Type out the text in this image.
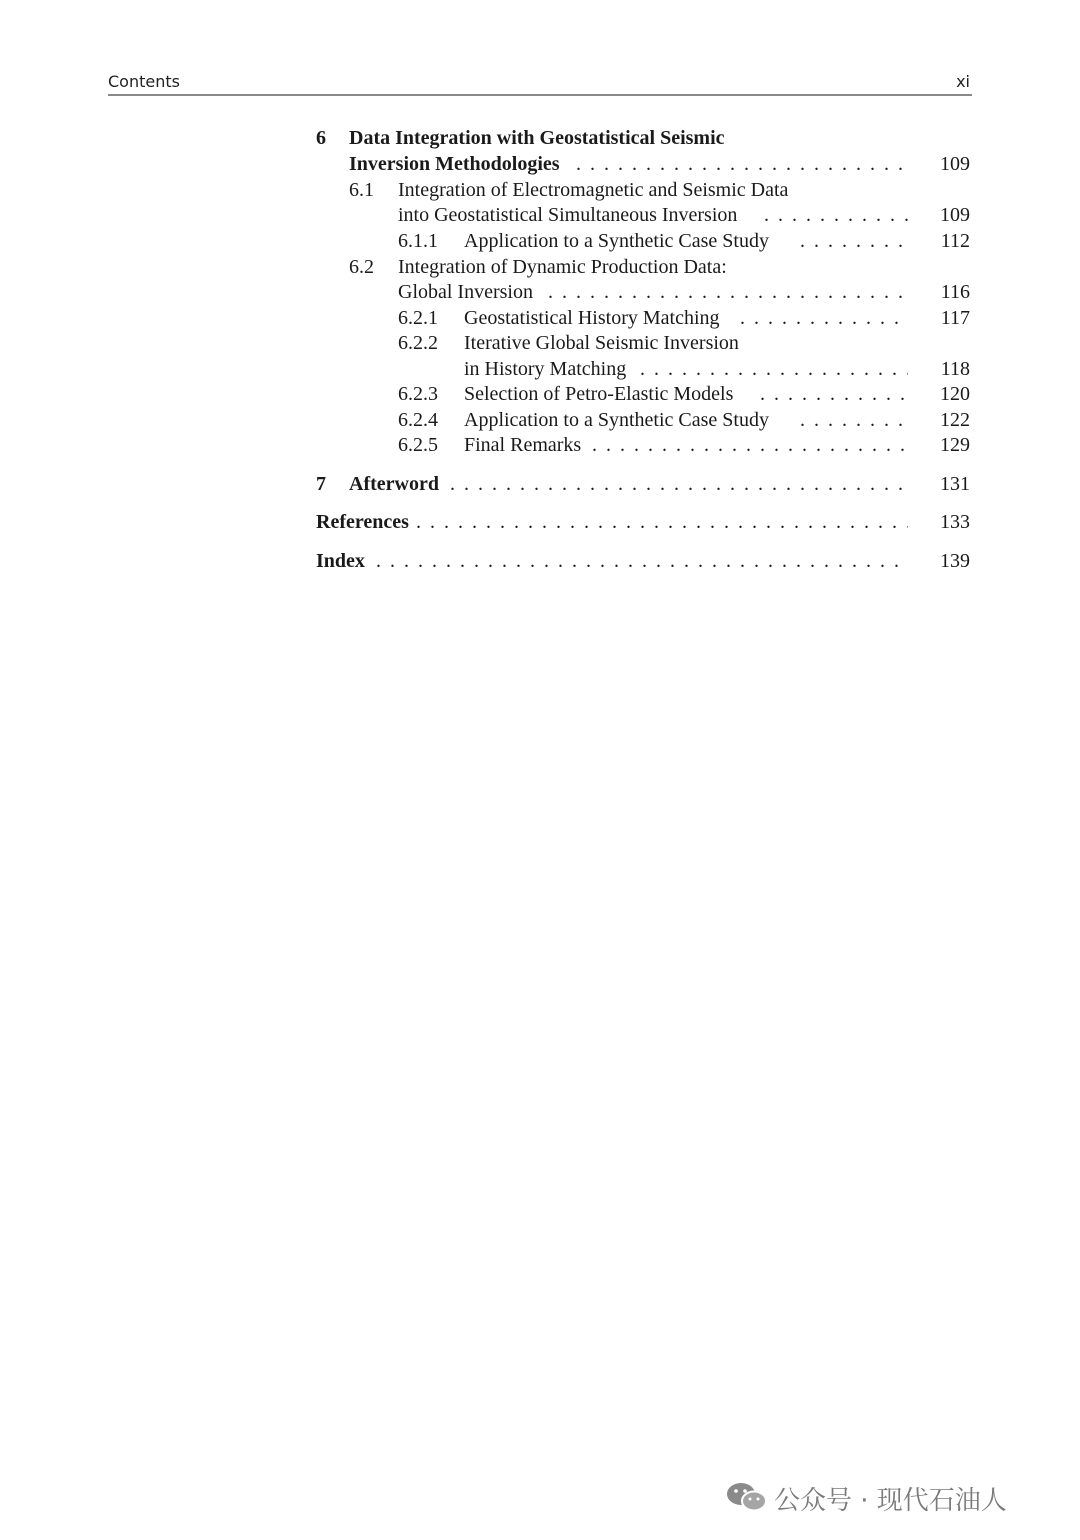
Contents	xi
6 Data Integration with Geostatistical Seismic
Inversion Methodologies . . .	109
6.1 Integration of Electromagnetic and Seismic Data
into Geostatistical Simultaneous Inversion . . .	109
6.1.1 Application to a Synthetic Case Study . . .	112
6.2 Integration of Dynamic Production Data:
Global Inversion . . .	116
6.2.1 Geostatistical History Matching . . .	117
6.2.2 Iterative Global Seismic Inversion
in History Matching . . .	118
6.2.3 Selection of Petro-Elastic Models . . .	120
6.2.4 Application to a Synthetic Case Study . . .	122
6.2.5 Final Remarks . . .	129
7 Afterword . . .	131
References . . .	133
Index . . .	139
公众号 · 现代石油人
